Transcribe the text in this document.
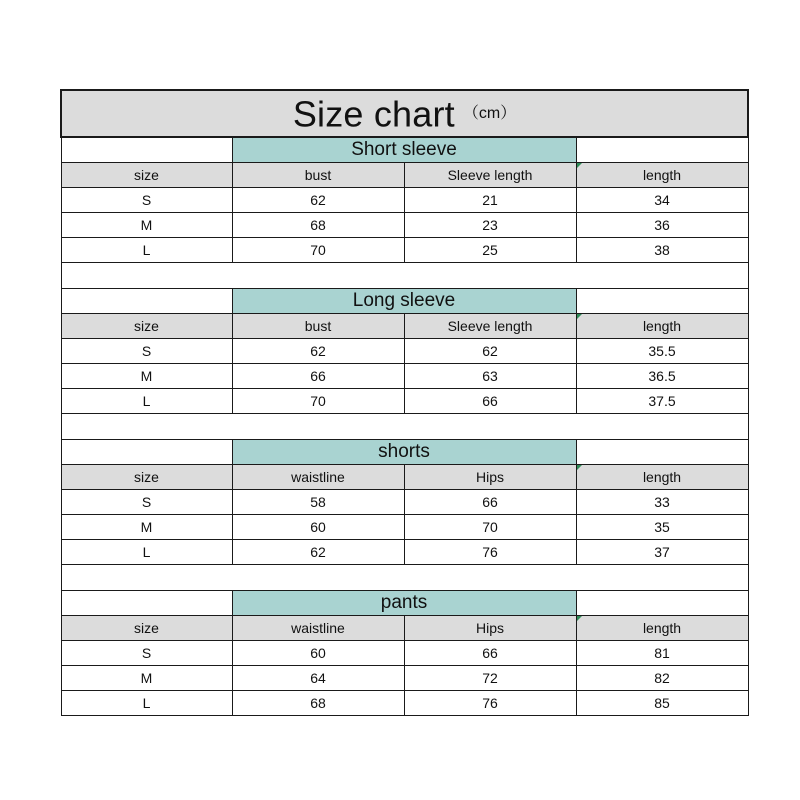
Size chart （cm）			
	Short sleeve		
size	bust	Sleeve length	length
S	62	21	34
M	68	23	36
L	70	25	38

	Long sleeve		
size	bust	Sleeve length	length
S	62	62	35.5
M	66	63	36.5
L	70	66	37.5

	shorts		
size	waistline	Hips	length
S	58	66	33
M	60	70	35
L	62	76	37

	pants		
size	waistline	Hips	length
S	60	66	81
M	64	72	82
L	68	76	85
